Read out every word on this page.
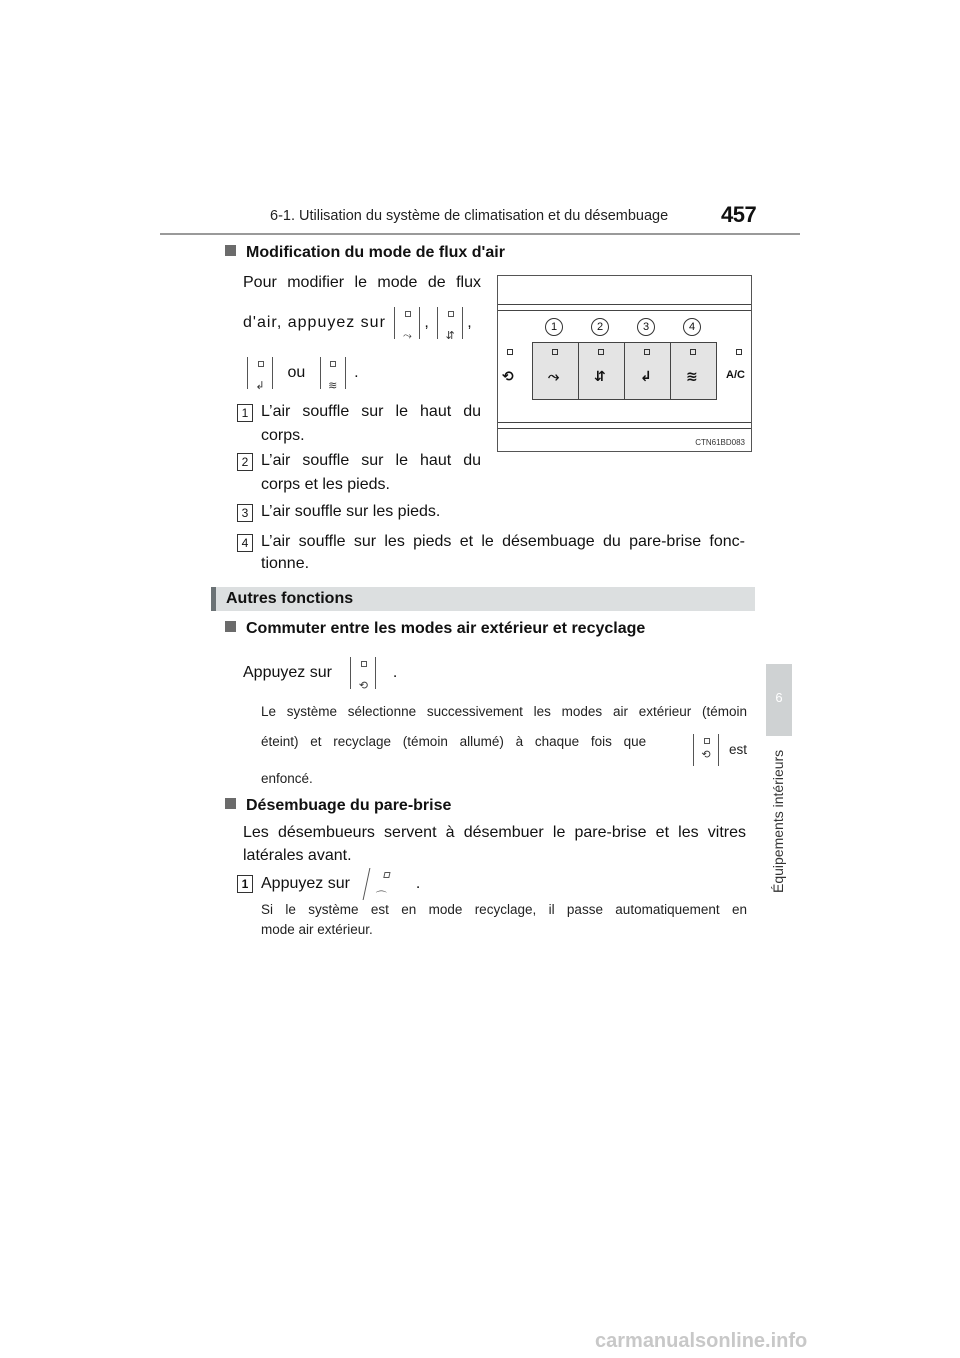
6-1. Utilisation du système de climatisation et du désembuage 457
6
Équipements intérieurs
Modification du mode de flux d'air
Pour modifier le mode de flux
d'air, appuyez sur
⤳
,
⇵
,
↲
ou
≋
.
1 L’air souffle sur le haut du
corps.
2 L’air souffle sur le haut du
corps et les pieds.
3 L’air souffle sur les pieds.
4 L’air souffle sur les pieds et le désembuage du pare-brise fonc-
tionne.
1	2	3	4
⟲ ⤳ ⇵ ↲ ≋	A/C
CTN61BD083
Autres fonctions
Commuter entre les modes air extérieur et recyclage
Appuyez sur
⟲
.
Le système sélectionne successivement les modes air extérieur (témoin
éteint) et recyclage (témoin allumé) à chaque fois que
⟲	est
enfoncé.
Désembuage du pare-brise
Les désembueurs servent à désembuer le pare-brise et les vitres
latérales avant.
1 Appuyez sur
⌒
.
Si le système est en mode recyclage, il passe automatiquement en
mode air extérieur.
carmanualsonline.info
